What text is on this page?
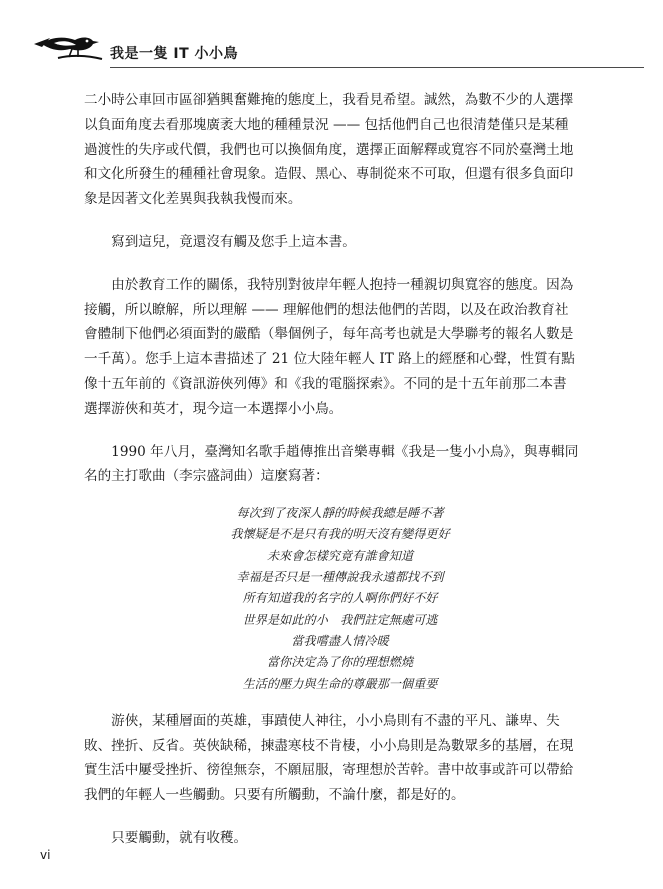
我是一隻 IT 小小鳥

二小時公車回市區卻猶興奮難掩的態度上，我看見希望。誠然，為數不少的人選擇
以負面角度去看那塊廣袤大地的種種景況 —— 包括他們自己也很清楚僅只是某種
過渡性的失序或代價，我們也可以換個角度，選擇正面解釋或寬容不同於臺灣土地
和文化所發生的種種社會現象。造假、黑心、專制從來不可取，但還有很多負面印
象是因著文化差異與我執我慢而來。

　　寫到這兒，竟還沒有觸及您手上這本書。

　　由於教育工作的關係，我特別對彼岸年輕人抱持一種親切與寬容的態度。因為
接觸，所以瞭解，所以理解 —— 理解他們的想法他們的苦悶，以及在政治教育社
會體制下他們必須面對的嚴酷（舉個例子，每年高考也就是大學聯考的報名人數是
一千萬）。您手上這本書描述了 21 位大陸年輕人 IT 路上的經歷和心聲，性質有點
像十五年前的《資訊游俠列傳》和《我的電腦探索》。不同的是十五年前那二本書
選擇游俠和英才，現今這一本選擇小小鳥。

　　1990 年八月，臺灣知名歌手趙傳推出音樂專輯《我是一隻小小鳥》，與專輯同
名的主打歌曲（李宗盛詞曲）這麼寫著：

每次到了夜深人靜的時候我總是睡不著
我懷疑是不是只有我的明天沒有變得更好
未來會怎樣究竟有誰會知道
幸福是否只是一種傳說我永遠都找不到
所有知道我的名字的人啊你們好不好
世界是如此的小　我們註定無處可逃
當我嚐盡人情冷暖
當你決定為了你的理想燃燒
生活的壓力與生命的尊嚴那一個重要

　　游俠，某種層面的英雄，事蹟使人神往，小小鳥則有不盡的平凡、謙卑、失
敗、挫折、反省。英俠缺稀，揀盡寒枝不肯棲，小小鳥則是為數眾多的基層，在現
實生活中屢受挫折、徬徨無奈，不願屈服，寄理想於苦幹。書中故事或許可以帶給
我們的年輕人一些觸動。只要有所觸動，不論什麼，都是好的。

　　只要觸動，就有收穫。

vi
